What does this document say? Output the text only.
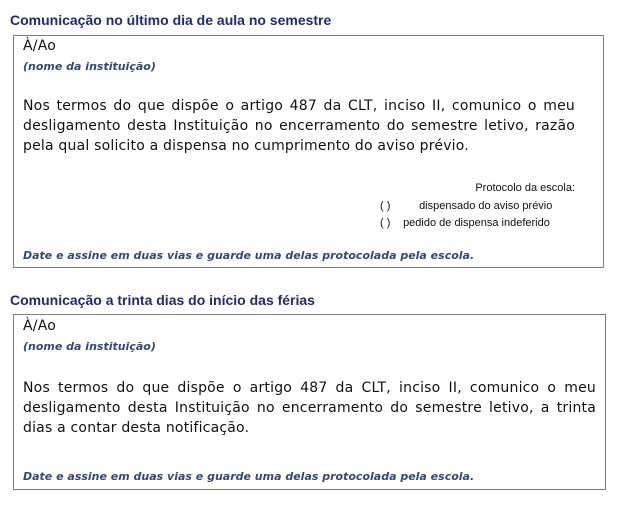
Comunicação no último dia de aula no semestre

À/Ao

(nome da instituição)

Nos termos do que dispõe o artigo 487 da CLT, inciso II, comunico o meu desligamento desta Instituição no encerramento do semestre letivo, razão pela qual solicito a dispensa no cumprimento do aviso prévio.

Protocolo da escola:

( )	dispensado do aviso prévio

( ) pedido de dispensa indeferido

Date e assine em duas vias e guarde uma delas protocolada pela escola.

Comunicação a trinta dias do início das férias

À/Ao

(nome da instituição)

Nos termos do que dispõe o artigo 487 da CLT, inciso II, comunico o meu desligamento desta Instituição no encerramento do semestre letivo, a trinta dias a contar desta notificação.

Date e assine em duas vias e guarde uma delas protocolada pela escola.
